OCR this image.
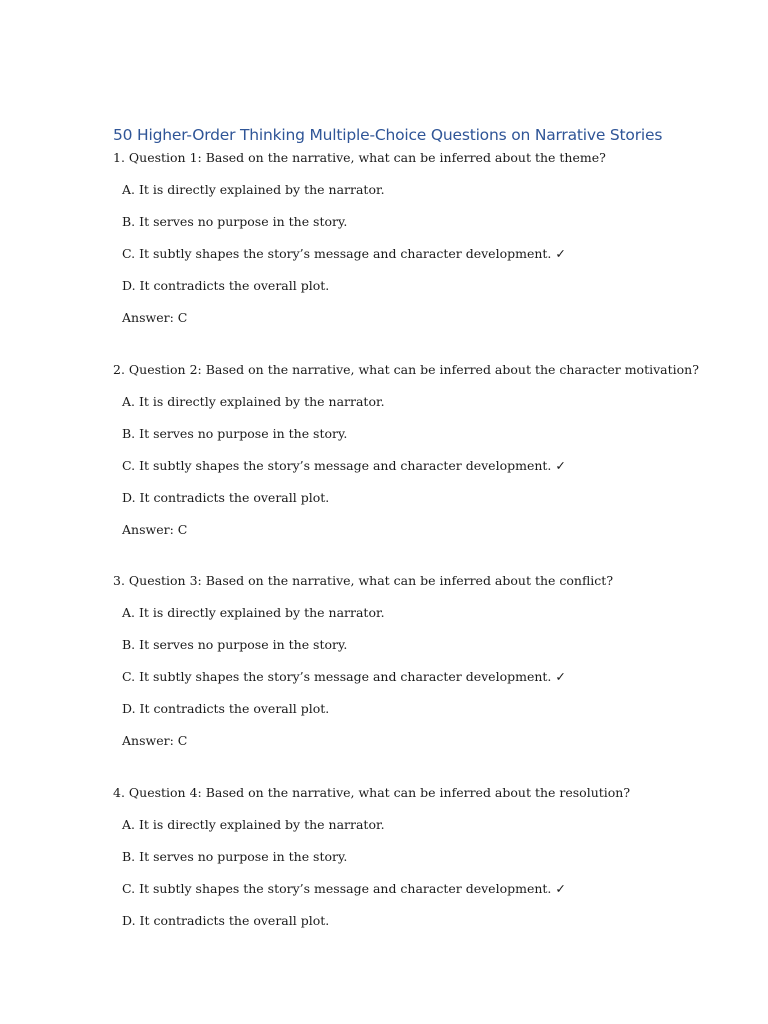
50 Higher-Order Thinking Multiple-Choice Questions on Narrative Stories

1. Question 1: Based on the narrative, what can be inferred about the theme?

A. It is directly explained by the narrator.

B. It serves no purpose in the story.

C. It subtly shapes the story’s message and character development. ✓

D. It contradicts the overall plot.

Answer: C

2. Question 2: Based on the narrative, what can be inferred about the character motivation?

A. It is directly explained by the narrator.

B. It serves no purpose in the story.

C. It subtly shapes the story’s message and character development. ✓

D. It contradicts the overall plot.

Answer: C

3. Question 3: Based on the narrative, what can be inferred about the conflict?

A. It is directly explained by the narrator.

B. It serves no purpose in the story.

C. It subtly shapes the story’s message and character development. ✓

D. It contradicts the overall plot.

Answer: C

4. Question 4: Based on the narrative, what can be inferred about the resolution?

A. It is directly explained by the narrator.

B. It serves no purpose in the story.

C. It subtly shapes the story’s message and character development. ✓

D. It contradicts the overall plot.
